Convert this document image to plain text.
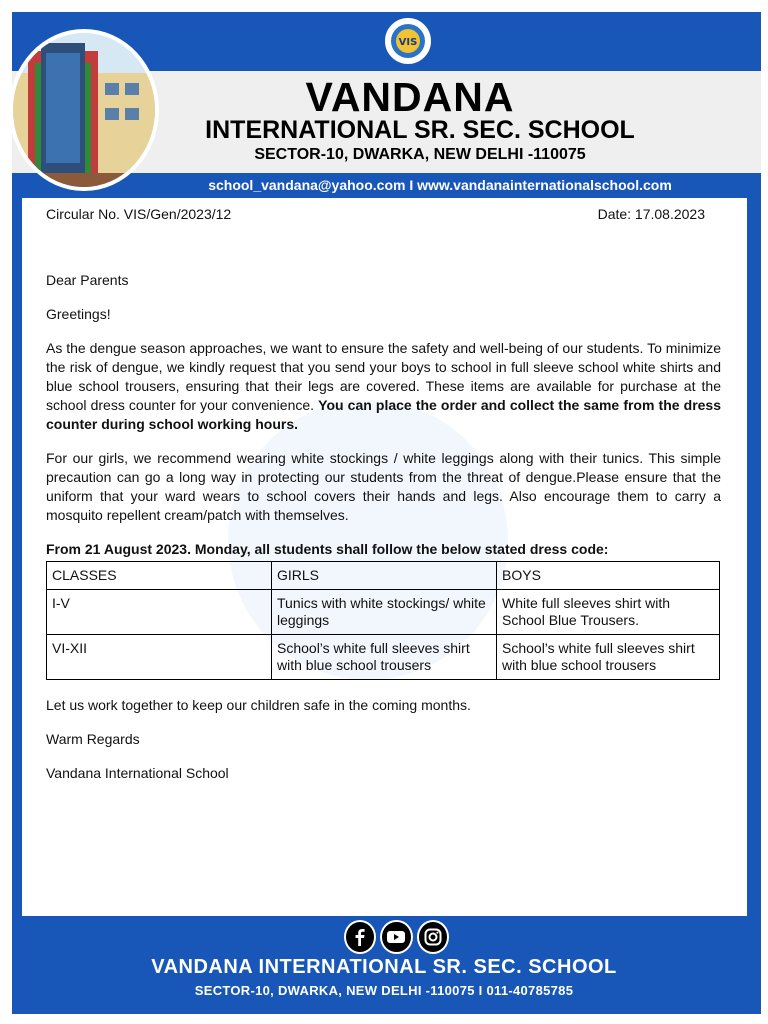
VIS
VANDANA
INTERNATIONAL SR. SEC. SCHOOL
SECTOR-10, DWARKA, NEW DELHI -110075
school_vandana@yahoo.com I www.vandanainternationalschool.com
Circular No. VIS/Gen/2023/12	Date: 17.08.2023

Dear Parents

Greetings!

As the dengue season approaches, we want to ensure the safety and well-being of our students. To minimize the risk of dengue, we kindly request that you send your boys to school in full sleeve school white shirts and blue school trousers, ensuring that their legs are covered. These items are available for purchase at the school dress counter for your convenience. You can place the order and collect the same from the dress counter during school working hours.

For our girls, we recommend wearing white stockings / white leggings along with their tunics. This simple precaution can go a long way in protecting our students from the threat of dengue.Please ensure that the uniform that your ward wears to school covers their hands and legs. Also encourage them to carry a mosquito repellent cream/patch with themselves.

From 21 August 2023. Monday, all students shall follow the below stated dress code:

CLASSES	GIRLS	BOYS
I-V	Tunics with white stockings/ white leggings	White full sleeves shirt with School Blue Trousers.
VI-XII	School’s white full sleeves shirt with blue school trousers	School’s white full sleeves shirt with blue school trousers

Let us work together to keep our children safe in the coming months.

Warm Regards

Vandana International School

VANDANA INTERNATIONAL SR. SEC. SCHOOL
SECTOR-10, DWARKA, NEW DELHI -110075 I 011-40785785
